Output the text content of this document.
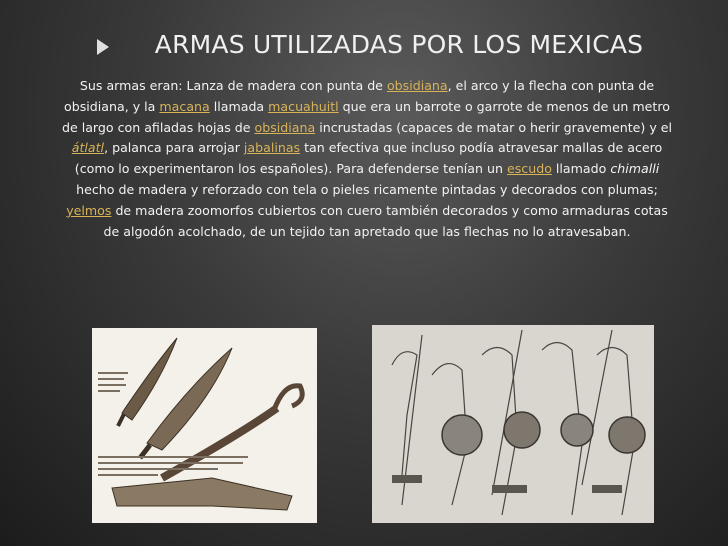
ARMAS UTILIZADAS POR LOS MEXICAS
Sus armas eran: Lanza de madera con punta de obsidiana, el arco y la flecha con punta de obsidiana, y la macana llamada macuahuitl que era un barrote o garrote de menos de un metro de largo con afiladas hojas de obsidiana incrustadas (capaces de matar o herir gravemente) y el átlatl, palanca para arrojar jabalinas tan efectiva que incluso podía atravesar mallas de acero (como lo experimentaron los españoles). Para defenderse tenían un escudo llamado chimalli hecho de madera y reforzado con tela o pieles ricamente pintadas y decorados con plumas; yelmos de madera zoomorfos cubiertos con cuero también decorados y como armaduras cotas de algodón acolchado, de un tejido tan apretado que las flechas no lo atravesaban.
